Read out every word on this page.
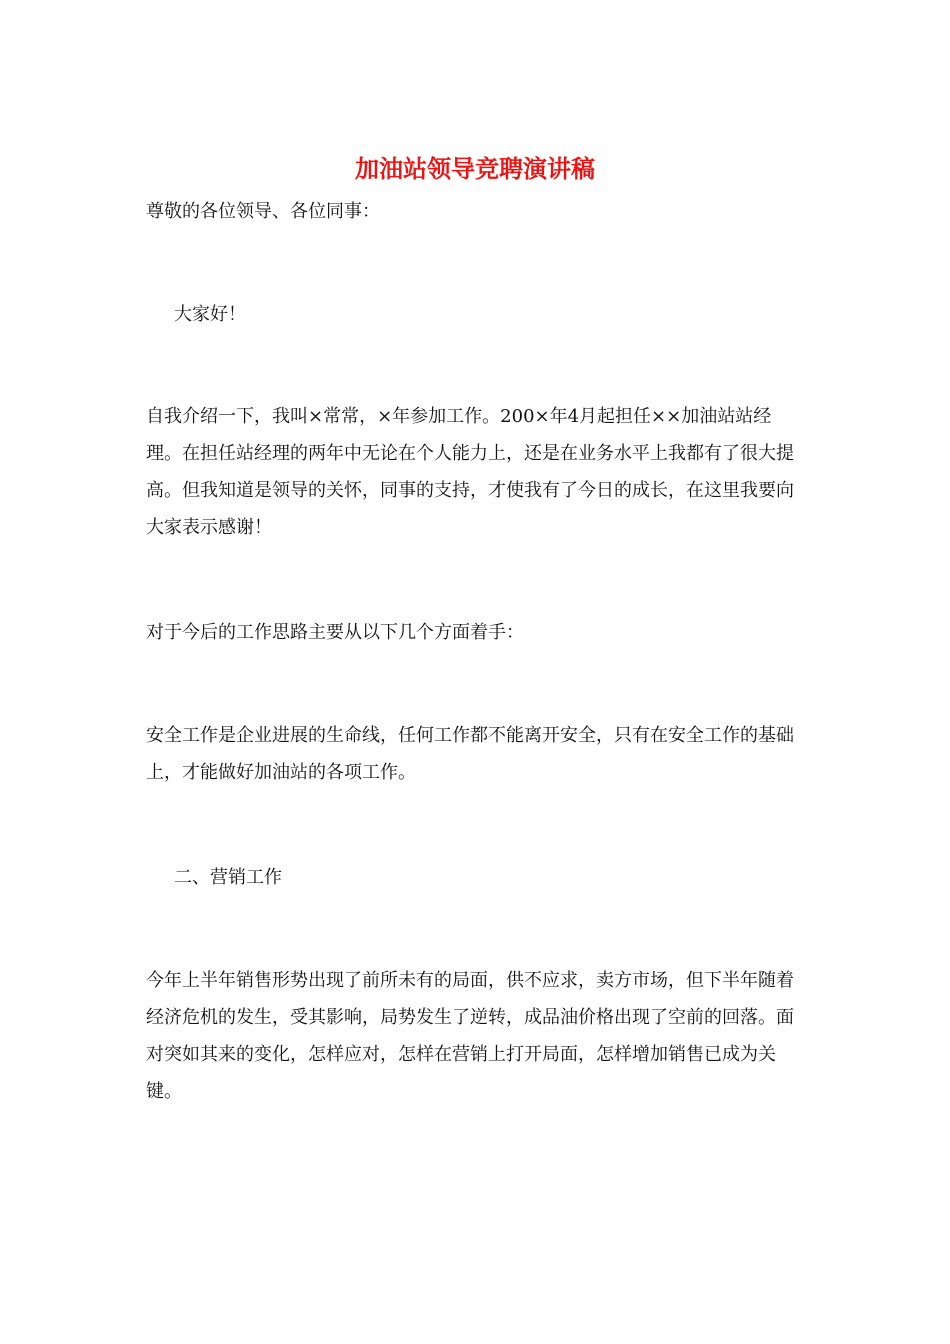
加油站领导竞聘演讲稿

尊敬的各位领导、各位同事：

大家好！

自我介绍一下，我叫×常常，×年参加工作。200×年4月起担任××加油站站经理。在担任站经理的两年中无论在个人能力上，还是在业务水平上我都有了很大提高。但我知道是领导的关怀，同事的支持，才使我有了今日的成长，在这里我要向大家表示感谢！

对于今后的工作思路主要从以下几个方面着手：

安全工作是企业进展的生命线，任何工作都不能离开安全，只有在安全工作的基础上，才能做好加油站的各项工作。

二、营销工作

今年上半年销售形势出现了前所未有的局面，供不应求，卖方市场，但下半年随着经济危机的发生，受其影响，局势发生了逆转，成品油价格出现了空前的回落。面对突如其来的变化，怎样应对，怎样在营销上打开局面，怎样增加销售已成为关键。
